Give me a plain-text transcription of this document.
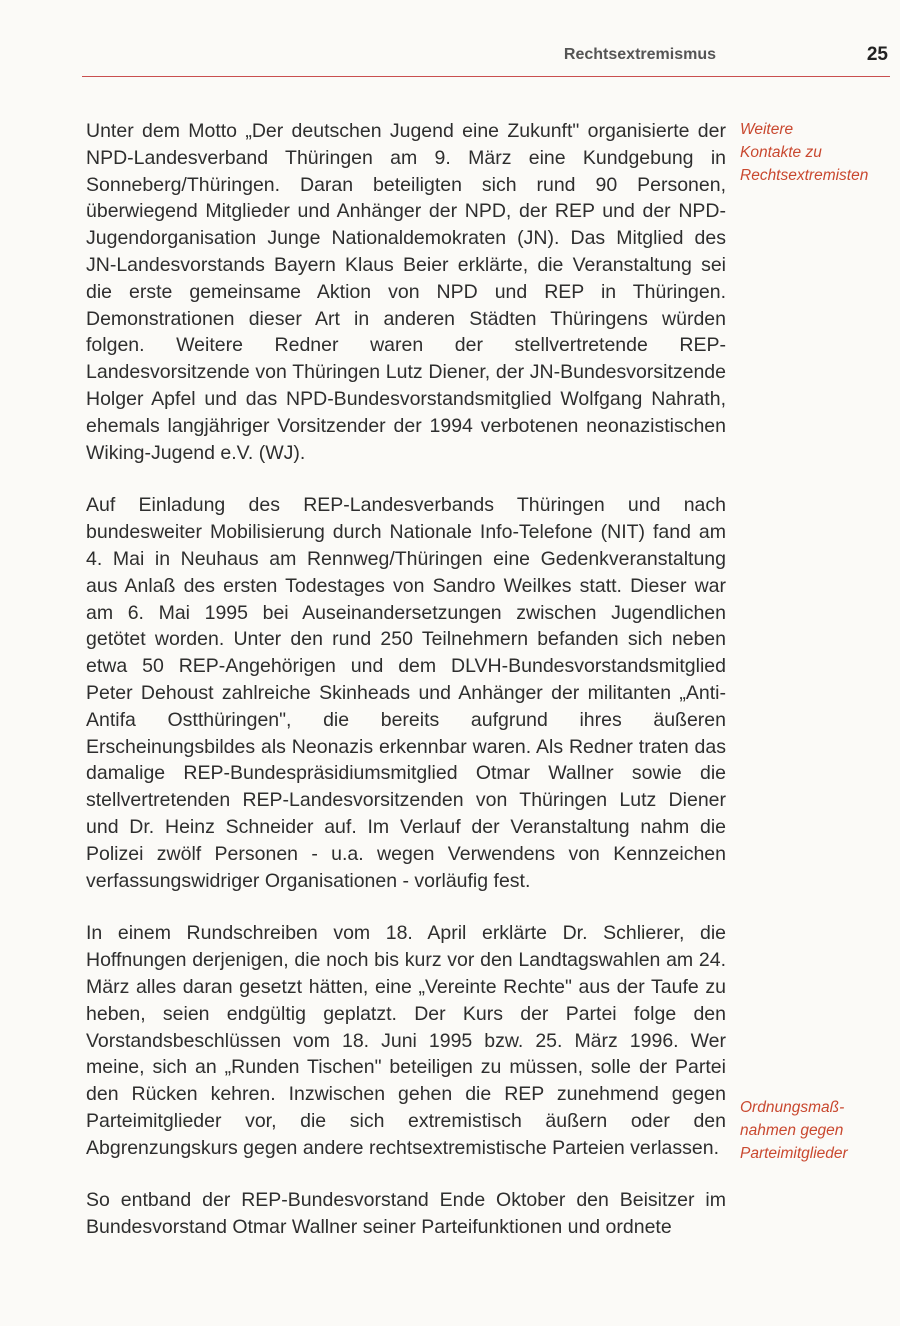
Rechtsextremismus	25

Unter dem Motto „Der deutschen Jugend eine Zukunft" organisierte der NPD-Landesverband Thüringen am 9. März eine Kundgebung in Sonneberg/Thüringen. Daran beteiligten sich rund 90 Personen, überwiegend Mitglieder und Anhänger der NPD, der REP und der NPD-Jugendorganisation Junge Nationaldemokraten (JN). Das Mitglied des JN-Landesvorstands Bayern Klaus Beier erklärte, die Veranstaltung sei die erste gemeinsame Aktion von NPD und REP in Thüringen. Demonstrationen dieser Art in anderen Städten Thüringens würden folgen. Weitere Redner waren der stellvertretende REP-Landesvorsitzende von Thüringen Lutz Diener, der JN-Bundesvorsitzende Holger Apfel und das NPD-Bundesvorstandsmitglied Wolfgang Nahrath, ehemals langjähriger Vorsitzender der 1994 verbotenen neonazistischen Wiking-Jugend e.V. (WJ).

Auf Einladung des REP-Landesverbands Thüringen und nach bundesweiter Mobilisierung durch Nationale Info-Telefone (NIT) fand am 4. Mai in Neuhaus am Rennweg/Thüringen eine Gedenkveranstaltung aus Anlaß des ersten Todestages von Sandro Weilkes statt. Dieser war am 6. Mai 1995 bei Auseinandersetzungen zwischen Jugendlichen getötet worden. Unter den rund 250 Teilnehmern befanden sich neben etwa 50 REP-Angehörigen und dem DLVH-Bundesvorstandsmitglied Peter Dehoust zahlreiche Skinheads und Anhänger der militanten „Anti-Antifa Ostthüringen", die bereits aufgrund ihres äußeren Erscheinungsbildes als Neonazis erkennbar waren. Als Redner traten das damalige REP-Bundespräsidiumsmitglied Otmar Wallner sowie die stellvertretenden REP-Landesvorsitzenden von Thüringen Lutz Diener und Dr. Heinz Schneider auf. Im Verlauf der Veranstaltung nahm die Polizei zwölf Personen - u.a. wegen Verwendens von Kennzeichen verfassungswidriger Organisationen - vorläufig fest.

In einem Rundschreiben vom 18. April erklärte Dr. Schlierer, die Hoffnungen derjenigen, die noch bis kurz vor den Landtagswahlen am 24. März alles daran gesetzt hätten, eine „Vereinte Rechte" aus der Taufe zu heben, seien endgültig geplatzt. Der Kurs der Partei folge den Vorstandsbeschlüssen vom 18. Juni 1995 bzw. 25. März 1996. Wer meine, sich an „Runden Tischen" beteiligen zu müssen, solle der Partei den Rücken kehren. Inzwischen gehen die REP zunehmend gegen Parteimitglieder vor, die sich extremistisch äußern oder den Abgrenzungskurs gegen andere rechtsextremistische Parteien verlassen.

So entband der REP-Bundesvorstand Ende Oktober den Beisitzer im Bundesvorstand Otmar Wallner seiner Parteifunktionen und ordnete

Weitere
Kontakte zu
Rechtsextremisten
Ordnungsmaß-
nahmen gegen
Parteimitglieder
